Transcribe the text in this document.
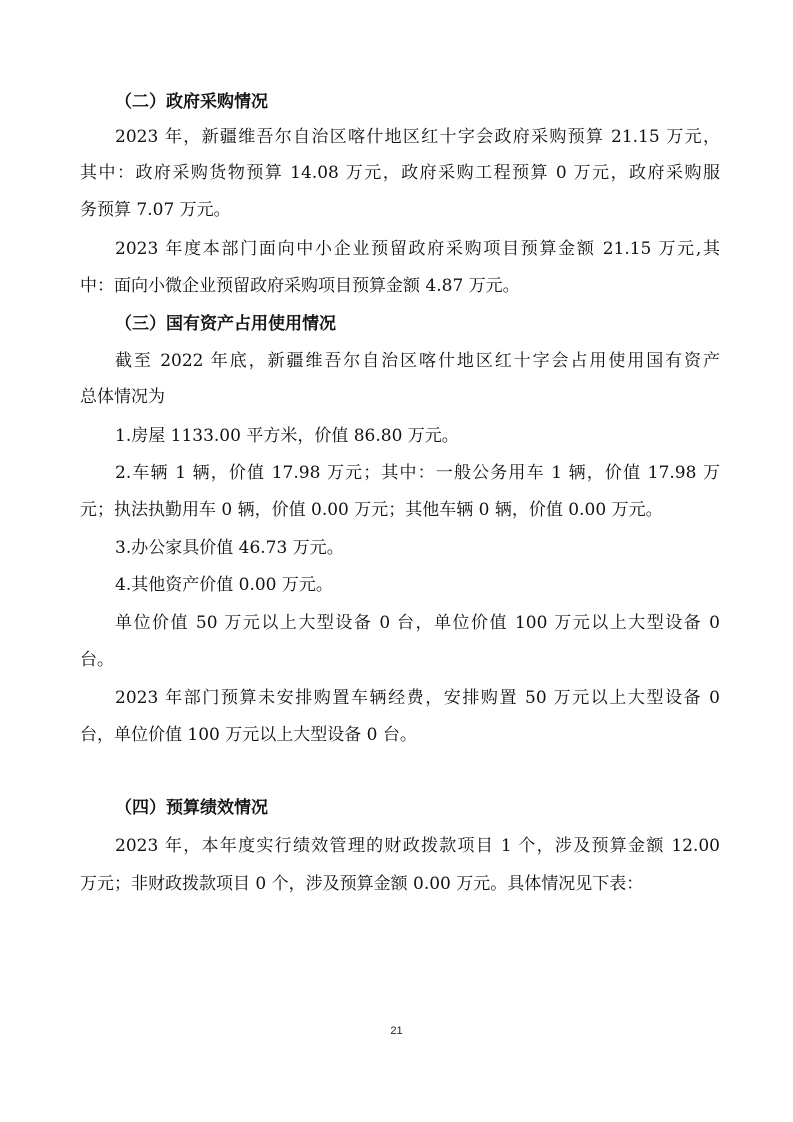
（二）政府采购情况
2023 年，新疆维吾尔自治区喀什地区红十字会政府采购预算 21.15 万元，
其中：政府采购货物预算 14.08 万元，政府采购工程预算 0 万元，政府采购服
务预算 7.07 万元。
2023 年度本部门面向中小企业预留政府采购项目预算金额 21.15 万元,其
中：面向小微企业预留政府采购项目预算金额 4.87 万元。
（三）国有资产占用使用情况
截至 2022 年底，新疆维吾尔自治区喀什地区红十字会占用使用国有资产
总体情况为
1.房屋 1133.00 平方米，价值 86.80 万元。
2.车辆 1 辆，价值 17.98 万元；其中：一般公务用车 1 辆，价值 17.98 万
元；执法执勤用车 0 辆，价值 0.00 万元；其他车辆 0 辆，价值 0.00 万元。
3.办公家具价值 46.73 万元。
4.其他资产价值 0.00 万元。
单位价值 50 万元以上大型设备 0 台，单位价值 100 万元以上大型设备 0
台。
2023 年部门预算未安排购置车辆经费，安排购置 50 万元以上大型设备 0
台，单位价值 100 万元以上大型设备 0 台。
（四）预算绩效情况
2023 年，本年度实行绩效管理的财政拨款项目 1 个，涉及预算金额 12.00
万元；非财政拨款项目 0 个，涉及预算金额 0.00 万元。具体情况见下表：
21
